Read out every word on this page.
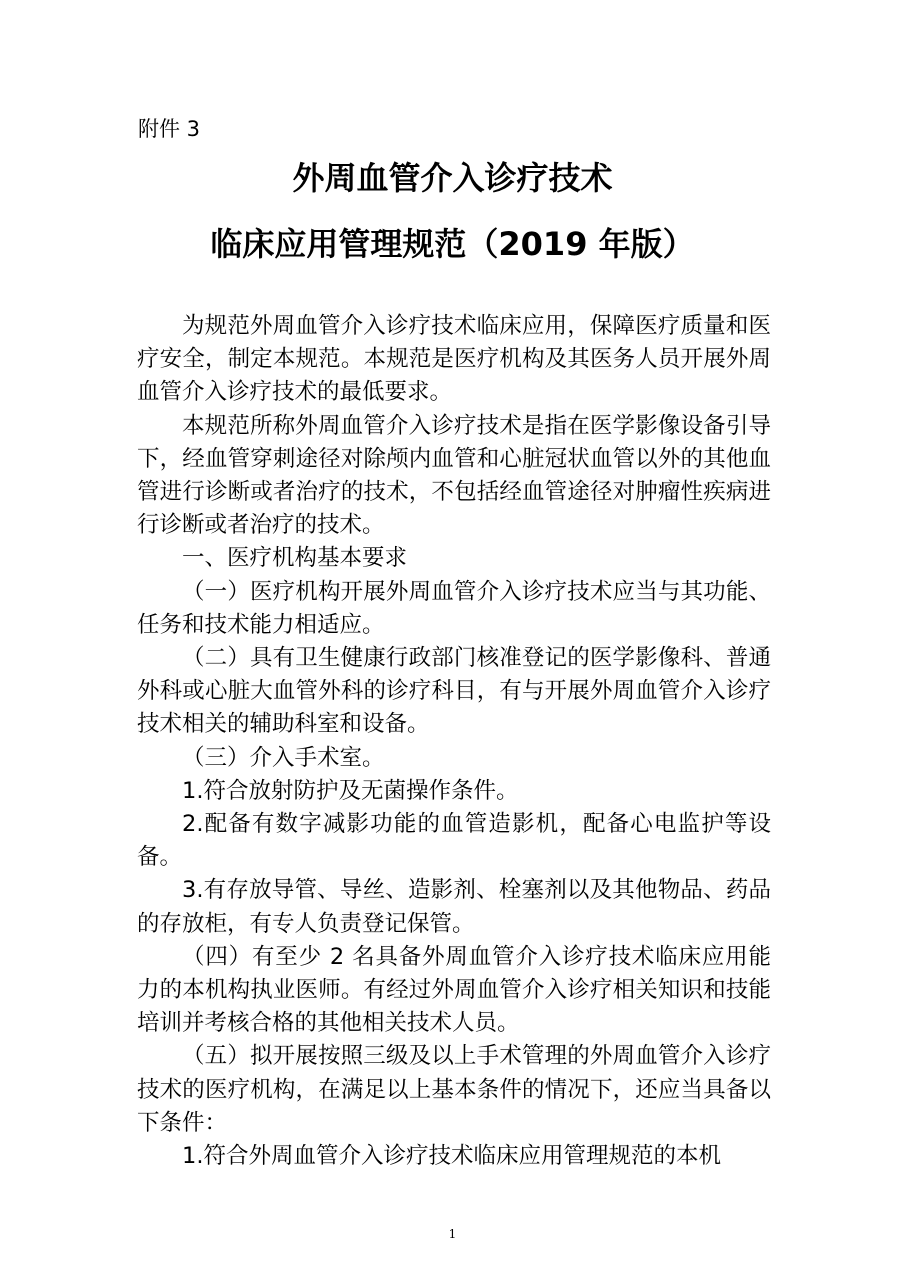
附件 3
外周血管介入诊疗技术
临床应用管理规范（2019 年版）

为规范外周血管介入诊疗技术临床应用，保障医疗质量和医疗安全，制定本规范。本规范是医疗机构及其医务人员开展外周血管介入诊疗技术的最低要求。

本规范所称外周血管介入诊疗技术是指在医学影像设备引导下，经血管穿刺途径对除颅内血管和心脏冠状血管以外的其他血管进行诊断或者治疗的技术，不包括经血管途径对肿瘤性疾病进行诊断或者治疗的技术。

一、医疗机构基本要求

（一）医疗机构开展外周血管介入诊疗技术应当与其功能、任务和技术能力相适应。

（二）具有卫生健康行政部门核准登记的医学影像科、普通外科或心脏大血管外科的诊疗科目，有与开展外周血管介入诊疗技术相关的辅助科室和设备。

（三）介入手术室。

1.符合放射防护及无菌操作条件。

2.配备有数字减影功能的血管造影机，配备心电监护等设备。

3.有存放导管、导丝、造影剂、栓塞剂以及其他物品、药品的存放柜，有专人负责登记保管。

（四）有至少 2 名具备外周血管介入诊疗技术临床应用能力的本机构执业医师。有经过外周血管介入诊疗相关知识和技能培训并考核合格的其他相关技术人员。

（五）拟开展按照三级及以上手术管理的外周血管介入诊疗技术的医疗机构，在满足以上基本条件的情况下，还应当具备以下条件：

1.符合外周血管介入诊疗技术临床应用管理规范的本机

1
